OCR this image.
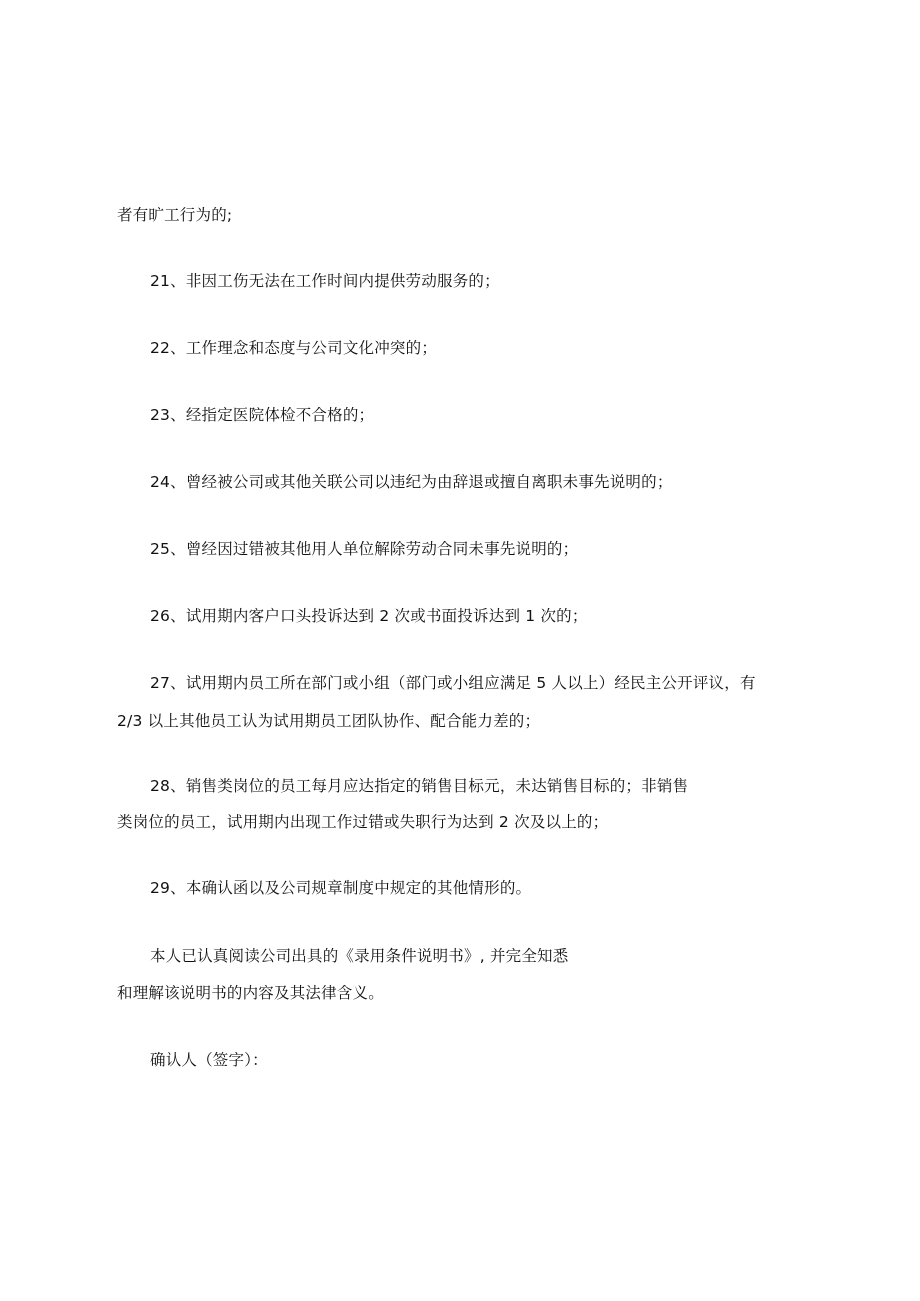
者有旷工行为的;
21、非因工伤无法在工作时间内提供劳动服务的；
22、工作理念和态度与公司文化冲突的；
23、经指定医院体检不合格的；
24、曾经被公司或其他关联公司以违纪为由辞退或擅自离职未事先说明的；
25、曾经因过错被其他用人单位解除劳动合同未事先说明的；
26、试用期内客户口头投诉达到 2 次或书面投诉达到 1 次的；
27、试用期内员工所在部门或小组（部门或小组应满足 5 人以上）经民主公开评议，有
2/3 以上其他员工认为试用期员工团队协作、配合能力差的；
28、销售类岗位的员工每月应达指定的销售目标元，未达销售目标的；非销售
类岗位的员工，试用期内出现工作过错或失职行为达到 2 次及以上的；
29、本确认函以及公司规章制度中规定的其他情形的。
本人已认真阅读公司出具的《录用条件说明书》, 并完全知悉
和理解该说明书的内容及其法律含义。
确认人（签字）：
